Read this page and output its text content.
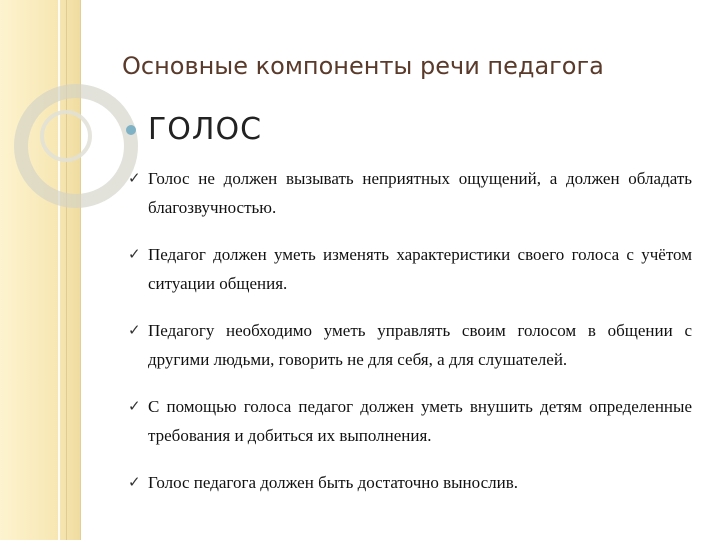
Основные компоненты речи педагога
ГОЛОС
✓ Голос не должен вызывать неприятных ощущений, а должен обладать благозвучностью.
✓ Педагог должен уметь изменять характеристики своего голоса с учётом ситуации общения.
✓ Педагогу необходимо уметь управлять своим голосом в общении с другими людьми, говорить не для себя, а для слушателей.
✓ С помощью голоса педагог должен уметь внушить детям определенные требования и добиться их выполнения.
✓ Голос педагога должен быть достаточно вынослив.
